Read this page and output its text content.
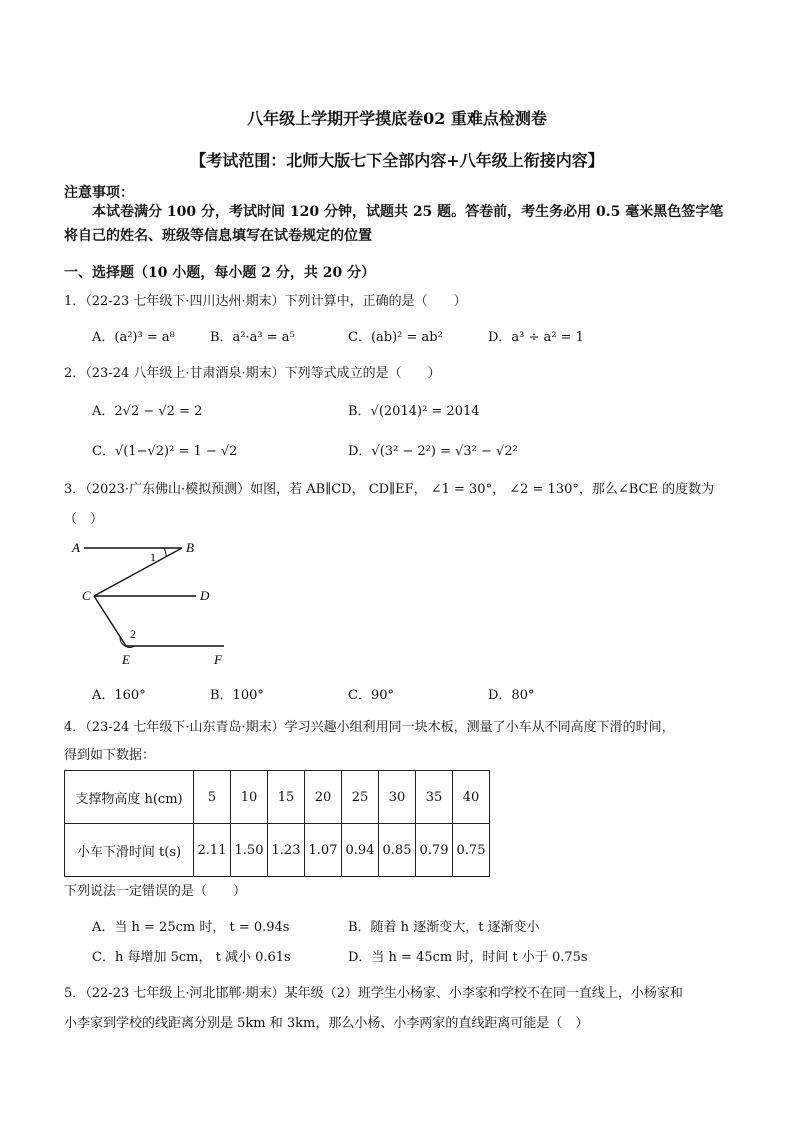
八年级上学期开学摸底卷02 重难点检测卷
【考试范围：北师大版七下全部内容+八年级上衔接内容】
注意事项：
本试卷满分 100 分，考试时间 120 分钟，试题共 25 题。答卷前，考生务必用 0.5 毫米黑色签字笔将自己的姓名、班级等信息填写在试卷规定的位置
一、选择题（10 小题，每小题 2 分，共 20 分）
1．（22-23 七年级下·四川达州·期末）下列计算中，正确的是（　　）
A．(a²)³ = a⁸	B．a²·a³ = a⁵	C．(ab)² = ab²	D．a³ ÷ a² = 1
2．（23-24 八年级上·甘肃酒泉·期末）下列等式成立的是（　　）
A．2√2 − √2 = 2	B．√(2014)² = 2014
C．√(1−√2)² = 1 − √2	D．√(3² − 2²) = √3² − √2²
3．（2023·广东佛山·模拟预测）如图，若 AB∥CD， CD∥EF， ∠1 = 30°， ∠2 = 130°，那么∠BCE 的度数为
（　）
A	B
1
C	D
2
E	F
A．160°	B．100°	C．90°	D．80°
4．（23-24 七年级下·山东青岛·期末）学习兴趣小组利用同一块木板，测量了小车从不同高度下滑的时间，
得到如下数据：
支撑物高度 h(cm)	5	10	15	20	25	30	35	40
小车下滑时间 t(s)	2.11	1.50	1.23	1.07	0.94	0.85	0.79	0.75
下列说法一定错误的是（　　）
A．当 h = 25cm 时， t = 0.94s	B．随着 h 逐渐变大，t 逐渐变小
C．h 每增加 5cm， t 减小 0.61s	D．当 h = 45cm 时，时间 t 小于 0.75s
5．（22-23 七年级上·河北邯郸·期末）某年级（2）班学生小杨家、小李家和学校不在同一直线上，小杨家和
小李家到学校的线距离分别是 5km 和 3km，那么小杨、小李两家的直线距离可能是（　）
